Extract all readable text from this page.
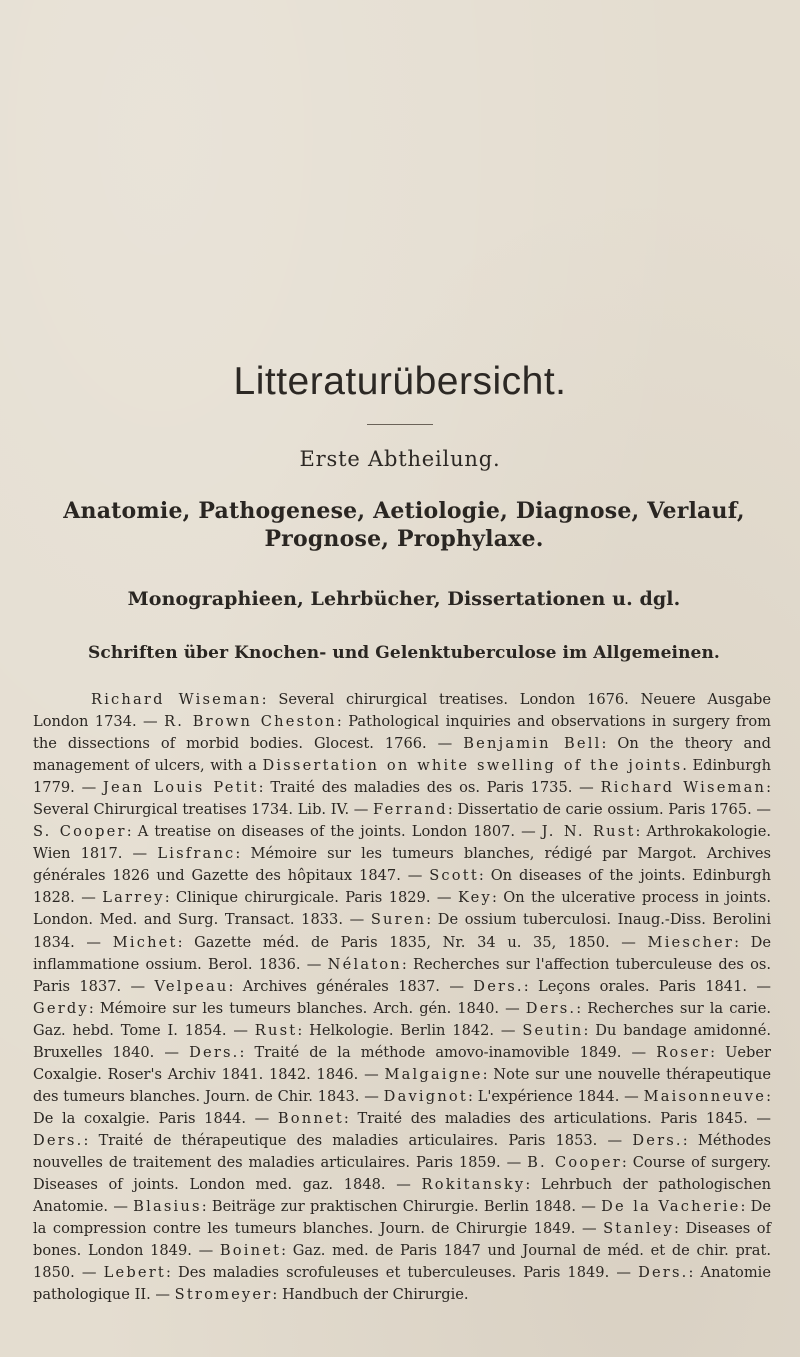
Litteraturübersicht.
Erste Abtheilung.
Anatomie, Pathogenese, Aetiologie, Diagnose, Verlauf, Prognose, Prophylaxe.
Monographieen, Lehrbücher, Dissertationen u. dgl.
Schriften über Knochen- und Gelenktuberculose im Allgemeinen.

Richard Wiseman: Several chirurgical treatises. London 1676. Neuere Ausgabe London 1734. — R. Brown Cheston: Pathological inquiries and observations in surgery from the dissections of morbid bodies. Glocest. 1766. — Benjamin Bell: On the theory and management of ulcers, with a Dissertation on white swelling of the joints. Edinburgh 1779. — Jean Louis Petit: Traité des maladies des os. Paris 1735. — Richard Wiseman: Several Chirurgical treatises 1734. Lib. IV. — Ferrand: Dissertatio de carie ossium. Paris 1765. — S. Cooper: A treatise on diseases of the joints. London 1807. — J. N. Rust: Arthrokakologie. Wien 1817. — Lisfranc: Mémoire sur les tumeurs blanches, rédigé par Margot. Archives générales 1826 und Gazette des hôpitaux 1847. — Scott: On diseases of the joints. Edinburgh 1828. — Larrey: Clinique chirurgicale. Paris 1829. — Key: On the ulcerative process in joints. London. Med. and Surg. Transact. 1833. — Suren: De ossium tuberculosi. Inaug.-Diss. Berolini 1834. — Michet: Gazette méd. de Paris 1835, Nr. 34 u. 35, 1850. — Miescher: De inflammatione ossium. Berol. 1836. — Nélaton: Recherches sur l'affection tuberculeuse des os. Paris 1837. — Velpeau: Archives générales 1837. — Ders.: Leçons orales. Paris 1841. — Gerdy: Mémoire sur les tumeurs blanches. Arch. gén. 1840. — Ders.: Recherches sur la carie. Gaz. hebd. Tome I. 1854. — Rust: Helkologie. Berlin 1842. — Seutin: Du bandage amidonné. Bruxelles 1840. — Ders.: Traité de la méthode amovo-inamovible 1849. — Roser: Ueber Coxalgie. Roser's Archiv 1841. 1842. 1846. — Malgaigne: Note sur une nouvelle thérapeutique des tumeurs blanches. Journ. de Chir. 1843. — Davignot: L'expérience 1844. — Maisonneuve: De la coxalgie. Paris 1844. — Bonnet: Traité des maladies des articulations. Paris 1845. — Ders.: Traité de thérapeutique des maladies articulaires. Paris 1853. — Ders.: Méthodes nouvelles de traitement des maladies articulaires. Paris 1859. — B. Cooper: Course of surgery. Diseases of joints. London med. gaz. 1848. — Rokitansky: Lehrbuch der pathologischen Anatomie. — Blasius: Beiträge zur praktischen Chirurgie. Berlin 1848. — De la Vacherie: De la compression contre les tumeurs blanches. Journ. de Chirurgie 1849. — Stanley: Diseases of bones. London 1849. — Boinet: Gaz. med. de Paris 1847 und Journal de méd. et de chir. prat. 1850. — Lebert: Des maladies scrofuleuses et tuberculeuses. Paris 1849. — Ders.: Anatomie pathologique II. — Stromeyer: Handbuch der Chirurgie.
